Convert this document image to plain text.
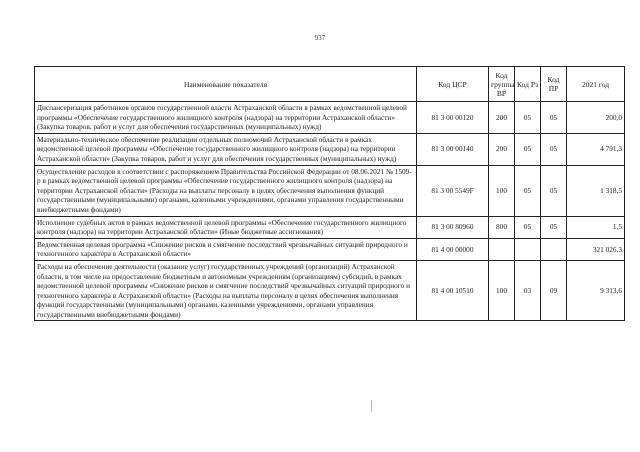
937
Наименование показателя	Код ЦСР	Код группы ВР	Код Рз	Код ПР	2021 год
Диспансеризация работников органов государственной власти Астраханской области в рамках ведомственной целевой программы «Обеспечение государственного жилищного контроля (надзора) на территории Астраханской области» (Закупка товаров, работ и услуг для обеспечения государственных (муниципальных) нужд)	81 3 00 00120	200	05	05	200,0
Материально-техническое обеспечение реализации отдельных полномочий Астраханской области в рамках ведомственной целевой программы «Обеспечение государственного жилищного контроля (надзора) на территории Астраханской области» (Закупка товаров, работ и услуг для обеспечения государственных (муниципальных) нужд)	81 3 00 00140	200	05	05	4 791,3
Осуществление расходов в соответствии с распоряжением Правительства Российской Федерации от 08.06.2021 № 1509-р в рамках ведомственной целевой программы «Обеспечение государственного жилищного контроля (надзора) на территории Астраханской области» (Расходы на выплаты персоналу в целях обеспечения выполнения функций государственными (муниципальными) органами, казенными учреждениями, органами управления государственными внебюджетными фондами)	81 3 00 5549F	100	05	05	1 318,5
Исполнение судебных актов в рамках ведомственной целевой программы «Обеспечение государственного жилищного контроля (надзора) на территории Астраханской области» (Иные бюджетные ассигнования)	81 3 00 80960	800	05	05	1,5
Ведомственная целевая программа «Снижение рисков и смягчение последствий чрезвычайных ситуаций природного и техногенного характера в Астраханской области»	81 4 00 00000				321 026,3
Расходы на обеспечение деятельности (оказание услуг) государственных учреждений (организаций) Астраханской области, в том числе на предоставление бюджетным и автономным учреждениям (организациям) субсидий, в рамках ведомственной целевой программы «Снижение рисков и смягчение последствий чрезвычайных ситуаций природного и техногенного характера в Астраханской области» (Расходы на выплаты персоналу в целях обеспечения выполнения функций государственными (муниципальными) органами, казенными учреждениями, органами управления государственными внебюджетными фондами)	81 4 00 10510	100	03	09	9 313,6
